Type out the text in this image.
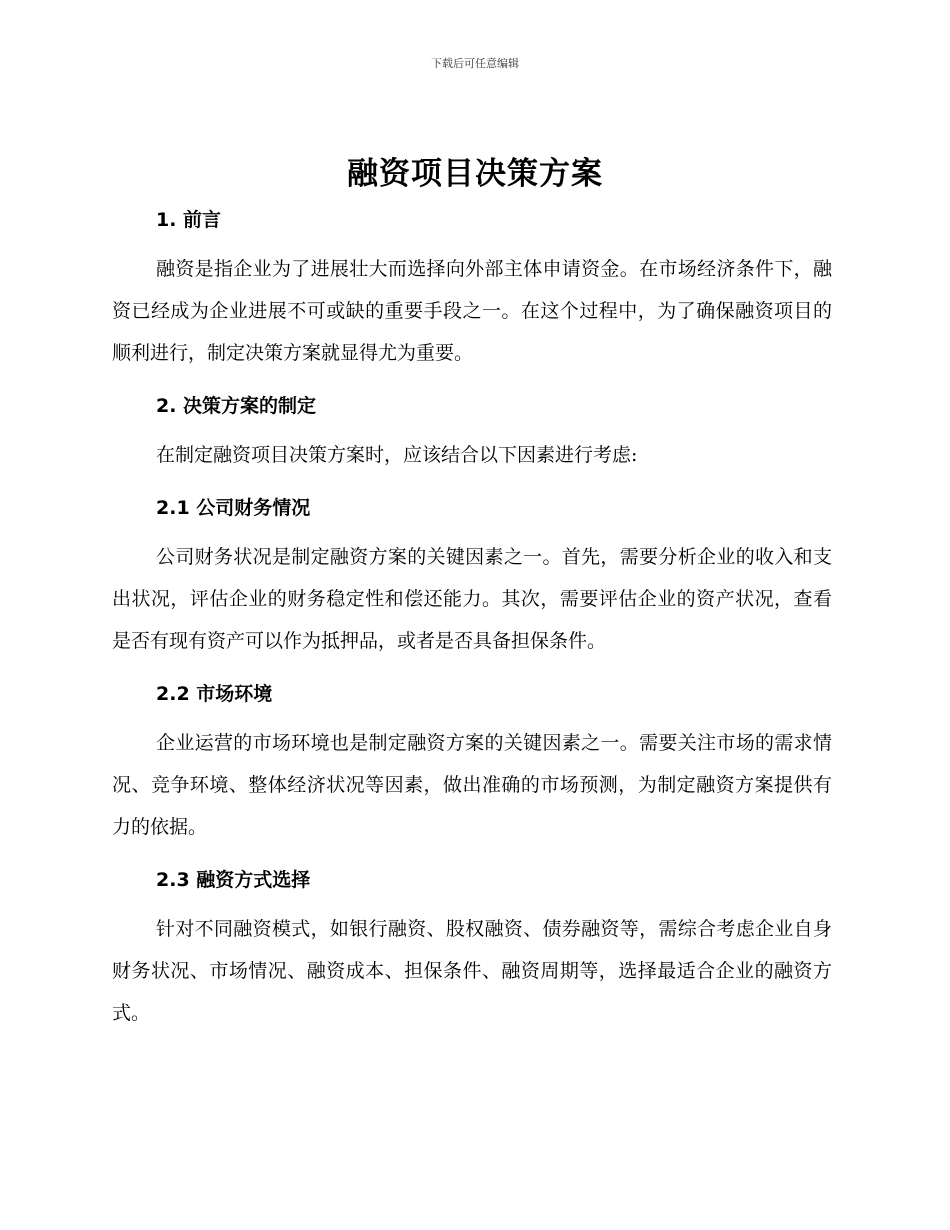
下载后可任意编辑
融资项目决策方案
1. 前言

融资是指企业为了进展壮大而选择向外部主体申请资金。在市场经济条件下，融资已经成为企业进展不可或缺的重要手段之一。在这个过程中，为了确保融资项目的顺利进行，制定决策方案就显得尤为重要。

2. 决策方案的制定

在制定融资项目决策方案时，应该结合以下因素进行考虑:

2.1 公司财务情况

公司财务状况是制定融资方案的关键因素之一。首先，需要分析企业的收入和支出状况，评估企业的财务稳定性和偿还能力。其次，需要评估企业的资产状况，查看是否有现有资产可以作为抵押品，或者是否具备担保条件。

2.2 市场环境

企业运营的市场环境也是制定融资方案的关键因素之一。需要关注市场的需求情况、竞争环境、整体经济状况等因素，做出准确的市场预测，为制定融资方案提供有力的依据。

2.3 融资方式选择

针对不同融资模式，如银行融资、股权融资、债券融资等，需综合考虑企业自身财务状况、市场情况、融资成本、担保条件、融资周期等，选择最适合企业的融资方式。
